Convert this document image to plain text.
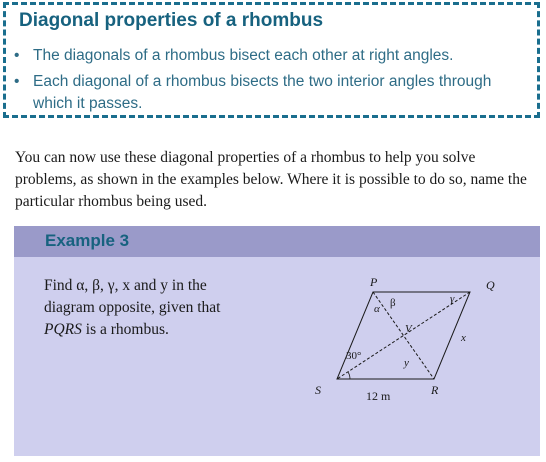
Diagonal properties of a rhombus
• The diagonals of a rhombus bisect each other at right angles.
• Each diagonal of a rhombus bisects the two interior angles through which it passes.
You can now use these diagonal properties of a rhombus to help you solve problems, as shown in the examples below. Where it is possible to do so, name the particular rhombus being used.
Example 3
Find α, β, γ, x and y in the
diagram opposite, given that
PQRS is a rhombus.
P	Q
R
S
V
α β	γ
30°
x
y
12 m
